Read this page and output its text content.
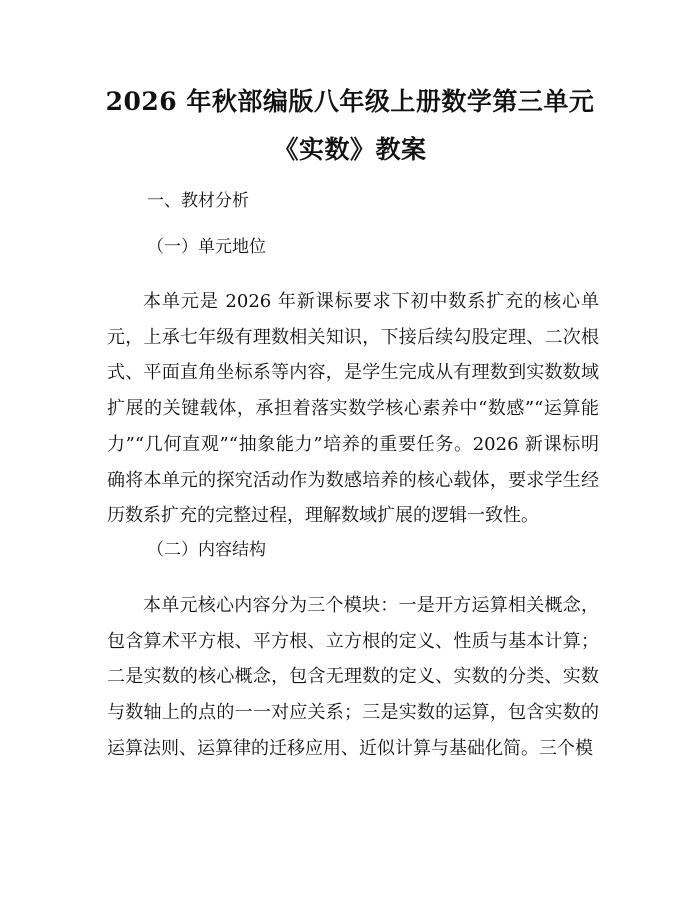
2026 年秋部编版八年级上册数学第三单元
《实数》教案
一、教材分析
（一）单元地位

本单元是 2026 年新课标要求下初中数系扩充的核心单元，上承七年级有理数相关知识，下接后续勾股定理、二次根式、平面直角坐标系等内容，是学生完成从有理数到实数数域扩展的关键载体，承担着落实数学核心素养中“数感”“运算能力”“几何直观”“抽象能力”培养的重要任务。2026 新课标明确将本单元的探究活动作为数感培养的核心载体，要求学生经历数系扩充的完整过程，理解数域扩展的逻辑一致性。

（二）内容结构

本单元核心内容分为三个模块：一是开方运算相关概念，包含算术平方根、平方根、立方根的定义、性质与基本计算；二是实数的核心概念，包含无理数的定义、实数的分类、实数与数轴上的点的一一对应关系；三是实数的运算，包含实数的运算法则、运算律的迁移应用、近似计算与基础化简。三个模
